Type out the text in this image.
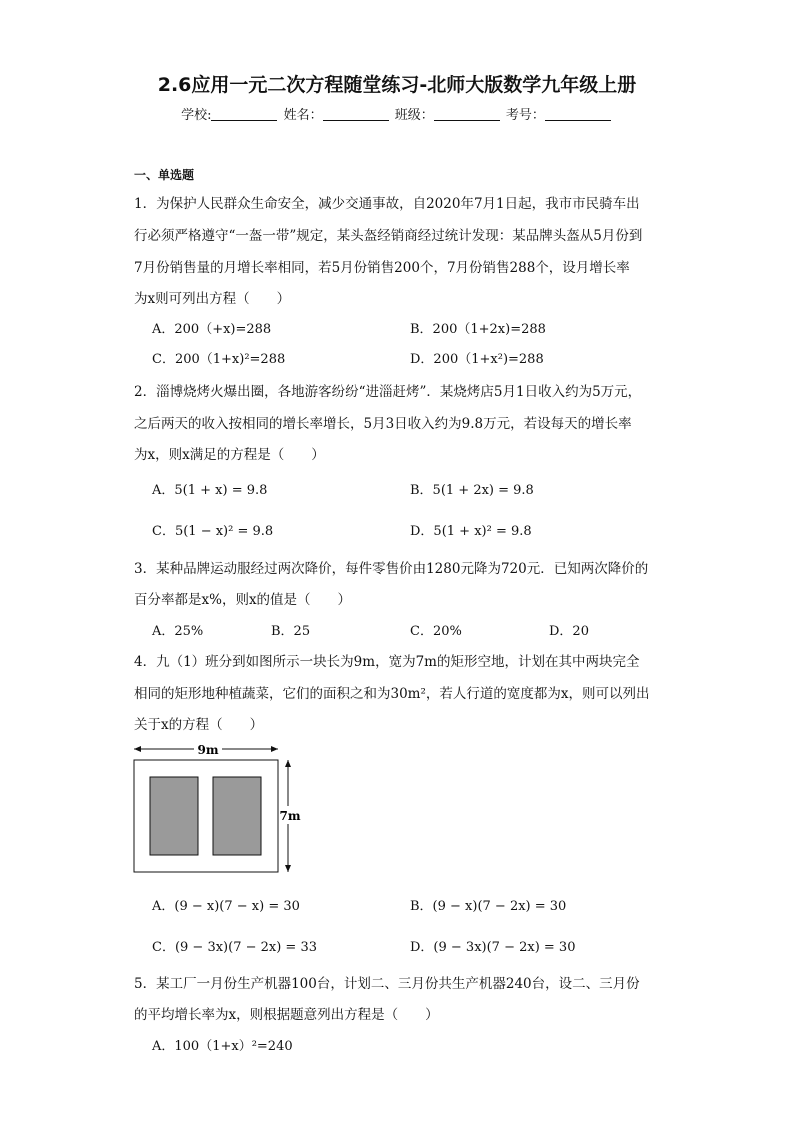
2.6应用一元二次方程随堂练习-北师大版数学九年级上册
学校:	姓名：	班级：	考号：
一、单选题
1．为保护人民群众生命安全，减少交通事故，自2020年7月1日起，我市市民骑车出
行必须严格遵守“一盔一带”规定，某头盔经销商经过统计发现：某品牌头盔从5月份到
7月份销售量的月增长率相同，若5月份销售200个，7月份销售288个，设月增长率
为x则可列出方程（　　）
A．200（+x)=288	B．200（1+2x)=288
C．200（1+x)²=288	D．200（1+x²)=288
2．淄博烧烤火爆出圈，各地游客纷纷“进淄赶烤”．某烧烤店5月1日收入约为5万元，
之后两天的收入按相同的增长率增长，5月3日收入约为9.8万元，若设每天的增长率
为x，则x满足的方程是（　　）
A．5(1 + x) = 9.8	B．5(1 + 2x) = 9.8
C．5(1 − x)² = 9.8	D．5(1 + x)² = 9.8
3．某种品牌运动服经过两次降价，每件零售价由1280元降为720元．已知两次降价的
百分率都是x%，则x的值是（　　）
A．25%	B．25	C．20%	D．20
4．九（1）班分到如图所示一块长为9m，宽为7m的矩形空地，计划在其中两块完全
相同的矩形地种植蔬菜，它们的面积之和为30m²，若人行道的宽度都为x，则可以列出
关于x的方程（　　）
9m
7m
A．(9 − x)(7 − x) = 30	B．(9 − x)(7 − 2x) = 30
C．(9 − 3x)(7 − 2x) = 33	D．(9 − 3x)(7 − 2x) = 30
5．某工厂一月份生产机器100台，计划二、三月份共生产机器240台，设二、三月份
的平均增长率为x，则根据题意列出方程是（　　）
A．100（1+x）²=240
